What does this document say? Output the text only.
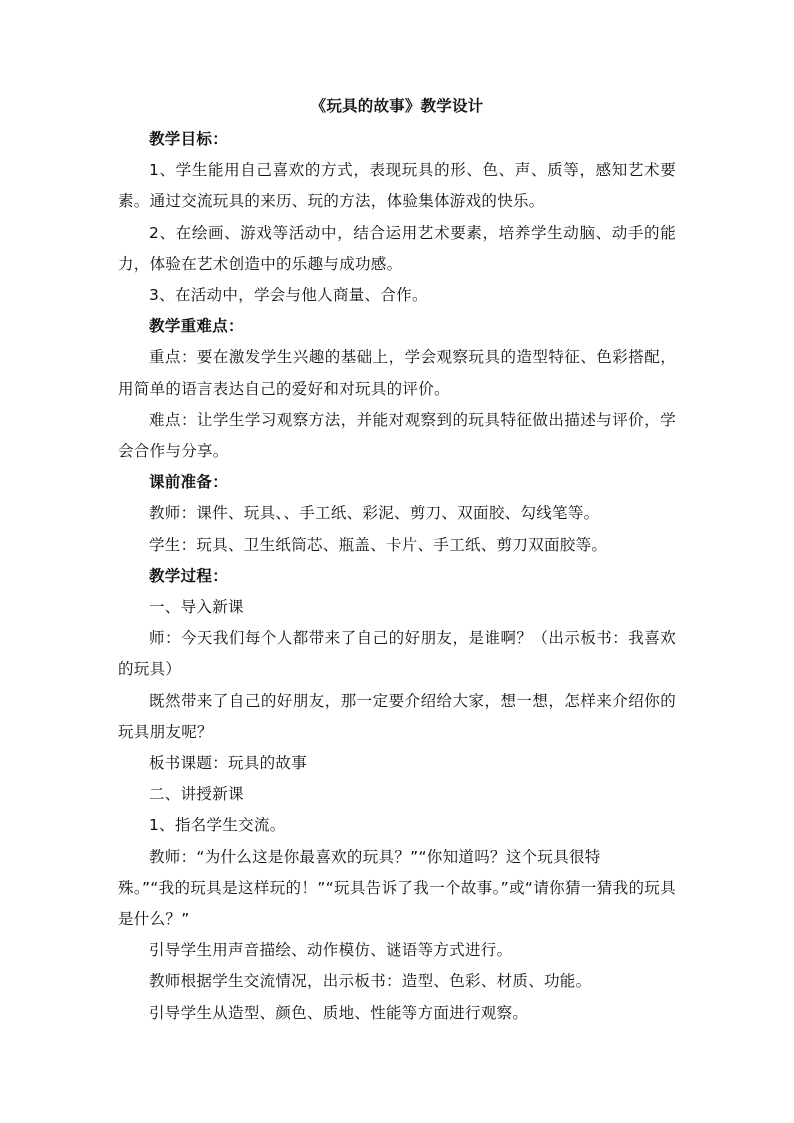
《玩具的故事》教学设计

教学目标：

1、学生能用自己喜欢的方式，表现玩具的形、色、声、质等，感知艺术要素。通过交流玩具的来历、玩的方法，体验集体游戏的快乐。

2、在绘画、游戏等活动中，结合运用艺术要素，培养学生动脑、动手的能力，体验在艺术创造中的乐趣与成功感。

3、在活动中，学会与他人商量、合作。

教学重难点：

重点：要在激发学生兴趣的基础上，学会观察玩具的造型特征、色彩搭配，用简单的语言表达自己的爱好和对玩具的评价。

难点：让学生学习观察方法，并能对观察到的玩具特征做出描述与评价，学会合作与分享。

课前准备：

教师：课件、玩具、、手工纸、彩泥、剪刀、双面胶、勾线笔等。

学生：玩具、卫生纸筒芯、瓶盖、卡片、手工纸、剪刀双面胶等。

教学过程：

一、导入新课

师：今天我们每个人都带来了自己的好朋友，是谁啊？（出示板书：我喜欢的玩具）

既然带来了自己的好朋友，那一定要介绍给大家，想一想，怎样来介绍你的玩具朋友呢？

板书课题：玩具的故事

二、讲授新课

1、指名学生交流。

教师：“为什么这是你最喜欢的玩具？”“你知道吗？这个玩具很特

殊。”“我的玩具是这样玩的！”“玩具告诉了我一个故事。”或“请你猜一猜我的玩具是什么？”

引导学生用声音描绘、动作模仿、谜语等方式进行。

教师根据学生交流情况，出示板书：造型、色彩、材质、功能。

引导学生从造型、颜色、质地、性能等方面进行观察。
